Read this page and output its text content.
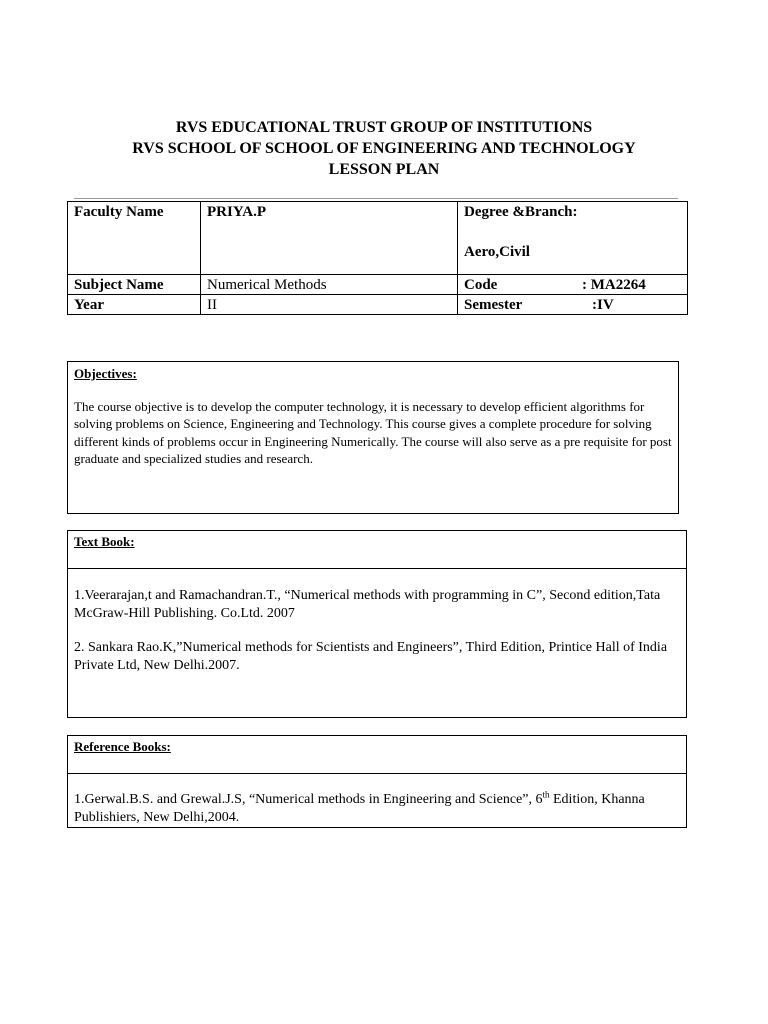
RVS EDUCATIONAL TRUST GROUP OF INSTITUTIONS
RVS SCHOOL OF SCHOOL OF ENGINEERING AND TECHNOLOGY
LESSON PLAN
Faculty Name	PRIYA.P	Degree &Branch:
Aero,Civil

Subject Name	Numerical Methods	Code : MA2264
Year	II	Semester :IV
Objectives:
The course objective is to develop the computer technology, it is necessary to develop efficient algorithms for solving problems on Science, Engineering and Technology. This course gives a complete procedure for solving different kinds of problems occur in Engineering Numerically. The course will also serve as a pre requisite for post graduate and specialized studies and research.
Text Book:

1.Veerarajan,t and Ramachandran.T., “Numerical methods with programming in C”, Second edition,Tata McGraw-Hill Publishing. Co.Ltd. 2007

2. Sankara Rao.K,”Numerical methods for Scientists and Engineers”, Third Edition, Printice Hall of India Private Ltd, New Delhi.2007.

Reference Books:

1.Gerwal.B.S. and Grewal.J.S, “Numerical methods in Engineering and Science”, 6th Edition, Khanna Publishiers, New Delhi,2004.
